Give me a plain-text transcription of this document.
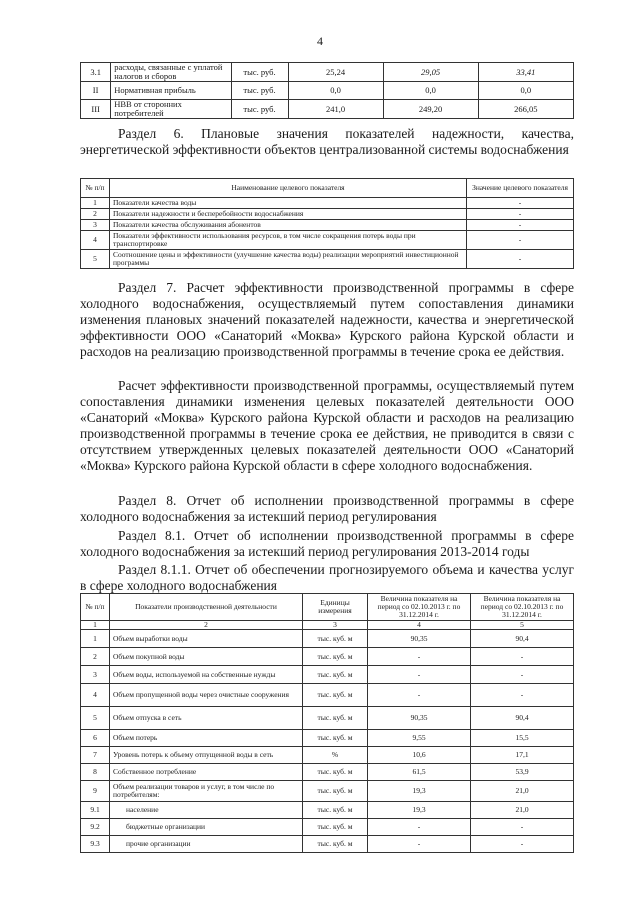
4
3.1	расходы, связанные с уплатой налогов и сборов	тыс. руб.	25,24	29,05	33,41
II	Нормативная прибыль	тыс. руб.	0,0	0,0	0,0
III	НВВ от сторонних потребителей	тыс. руб.	241,0	249,20	266,05
Раздел 6. Плановые значения показателей надежности, качества, энергетической эффективности объектов централизованной системы водоснабжения
№ п/п	Наименование целевого показателя	Значение целевого показателя
1	Показатели качества воды	-
2	Показатели надежности и бесперебойности водоснабжения	-
3	Показатели качества обслуживания абонентов	-
4	Показатели эффективности использования ресурсов, в том числе сокращения потерь воды при транспортировке	-
5	Соотношение цены и эффективности (улучшение качества воды) реализации мероприятий инвестиционной программы	-
Раздел 7. Расчет эффективности производственной программы в сфере холодного водоснабжения, осуществляемый путем сопоставления динамики изменения плановых значений показателей надежности, качества и энергетической эффективности ООО «Санаторий «Моква» Курского района Курской области и расходов на реализацию производственной программы в течение срока ее действия.
Расчет эффективности производственной программы, осуществляемый путем сопоставления динамики изменения целевых показателей деятельности ООО «Санаторий «Моква» Курского района Курской области и расходов на реализацию производственной программы в течение срока ее действия, не приводится в связи с отсутствием утвержденных целевых показателей деятельности ООО «Санаторий «Моква» Курского района Курской области в сфере холодного водоснабжения.
Раздел 8. Отчет об исполнении производственной программы в сфере холодного водоснабжения за истекший период регулирования
Раздел 8.1. Отчет об исполнении производственной программы в сфере холодного водоснабжения за истекший период регулирования 2013-2014 годы
Раздел 8.1.1. Отчет об обеспечении прогнозируемого объема и качества услуг в сфере холодного водоснабжения
№ п/п	Показатели производственной деятельности	Единицы измерения	Величина показателя на период со 02.10.2013 г. по 31.12.2014 г.	Величина показателя на период со 02.10.2013 г. по 31.12.2014 г.
1	2	3	4	5
1	Объем выработки воды	тыс. куб. м	90,35	90,4
2	Объем покупной воды	тыс. куб. м	-	-
3	Объем воды, используемой на собственные нужды	тыс. куб. м	-	-
4	Объем пропущенной воды через очистные сооружения	тыс. куб. м	-	-
5	Объем отпуска в сеть	тыс. куб. м	90,35	90,4
6	Объем потерь	тыс. куб. м	9,55	15,5
7	Уровень потерь к объему отпущенной воды в сеть	%	10,6	17,1
8	Собственное потребление	тыс. куб. м	61,5	53,9
9	Объем реализации товаров и услуг, в том числе по потребителям:	тыс. куб. м	19,3	21,0
9.1	население	тыс. куб. м	19,3	21,0
9.2	бюджетные организации	тыс. куб. м	-	-
9.3	прочие организации	тыс. куб. м	-	-
